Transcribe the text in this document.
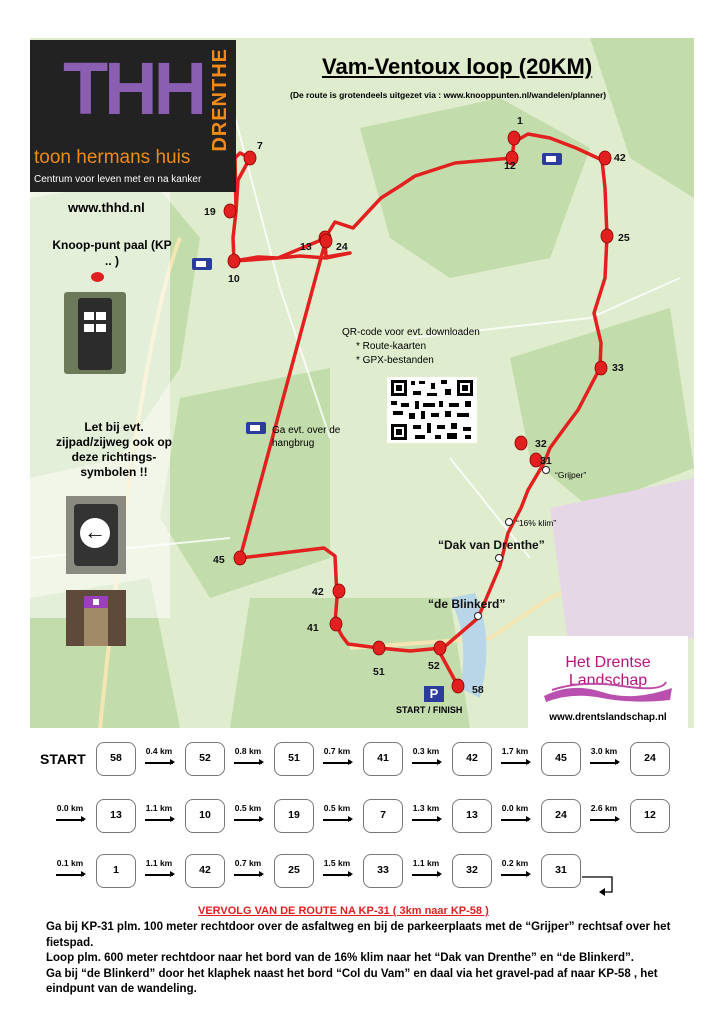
THH DRENTHE
toon hermans huis
Centrum voor leven met en na kanker
www.thhd.nl
Knoop-punt paal (KP .. )
Let bij evt. zijpad/zijweg ook op deze richtings-symbolen !!
←
Vam-Ventoux loop (20KM)
(De route is grotendeels uitgezet via : www.knooppunten.nl/wandelen/planner)
QR-code voor evt. downloaden
* Route-kaarten
* GPX-bestanden
1
12
42
25
33
32
31
7
19
13 24
10
45
42
41
51	52
58
Ga evt. over de hangbrug
“Grijper”
“16% klim”
“Dak van Drenthe”
“de Blinkerd”
P
START / FINISH
Het Drentse Landschap
www.drentslandschap.nl
START	58
0.4 km
52
0.8 km
51
0.7 km
41
0.3 km
42
1.7 km
45
3.0 km
24
0.0 km
13
1.1 km
10
0.5 km
19
0.5 km
7
1.3 km
13
0.0 km
24
2.6 km
12
0.1 km
1
1.1 km
42
0.7 km
25
1.5 km
33
1.1 km
32
0.2 km
31
VERVOLG VAN DE ROUTE NA KP-31 ( 3km naar KP-58 )

Ga bij KP-31 plm. 100 meter rechtdoor over de asfaltweg en bij de parkeerplaats met de “Grijper” rechtsaf over het fietspad.

Loop plm. 600 meter rechtdoor naar het bord van de 16% klim naar het “Dak van Drenthe” en “de Blinkerd”.

Ga bij “de Blinkerd” door het klaphek naast het bord “Col du Vam” en daal via het gravel-pad af naar KP-58 , het eindpunt van de wandeling.
